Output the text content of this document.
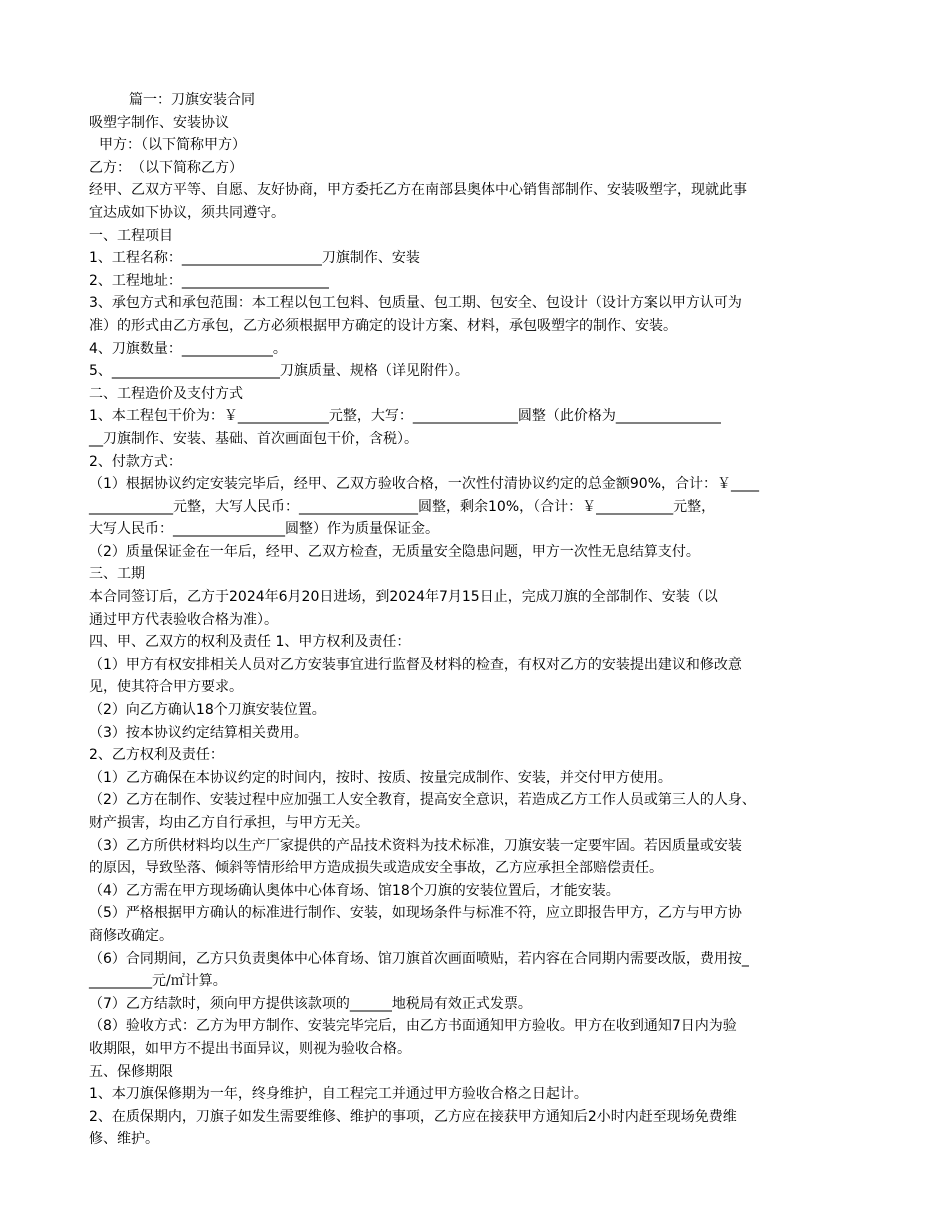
篇一：刀旗安装合同
吸塑字制作、安装协议
甲方：（以下简称甲方）
乙方：　（以下简称乙方）
经甲、乙双方平等、自愿、友好协商，甲方委托乙方在南部县奥体中心销售部制作、安装吸塑字，现就此事
宜达成如下协议，须共同遵守。
一、工程项目
1、工程名称：____________________刀旗制作、安装
2、工程地址：_____________________
3、承包方式和承包范围：本工程以包工包料、包质量、包工期、包安全、包设计（设计方案以甲方认可为
准）的形式由乙方承包，乙方必须根据甲方确定的设计方案、材料，承包吸塑字的制作、安装。
4、刀旗数量：_____________。
5、________________________刀旗质量、规格（详见附件）。
二、工程造价及支付方式
1、本工程包干价为：￥_____________元整，大写：_______________圆整（此价格为_______________
__刀旗制作、安装、基础、首次画面包干价，含税）。
2、付款方式：
（1）根据协议约定安装完毕后，经甲、乙双方验收合格，一次性付清协议约定的总金额90%，合计：￥____
____________元整，大写人民币：_________________圆整，剩余10%，（合计：￥___________元整，
大写人民币：________________圆整）作为质量保证金。
（2）质量保证金在一年后，经甲、乙双方检查，无质量安全隐患问题，甲方一次性无息结算支付。
三、工期
本合同签订后，乙方于2024年6月20日进场，到2024年7月15日止，完成刀旗的全部制作、安装（以
通过甲方代表验收合格为准）。
四、甲、乙双方的权利及责任 1、甲方权利及责任：
（1）甲方有权安排相关人员对乙方安装事宜进行监督及材料的检查，有权对乙方的安装提出建议和修改意
见，使其符合甲方要求。
（2）向乙方确认18个刀旗安装位置。
（3）按本协议约定结算相关费用。
2、乙方权利及责任：
（1）乙方确保在本协议约定的时间内，按时、按质、按量完成制作、安装，并交付甲方使用。
（2）乙方在制作、安装过程中应加强工人安全教育，提高安全意识，若造成乙方工作人员或第三人的人身、
财产损害，均由乙方自行承担，与甲方无关。
（3）乙方所供材料均以生产厂家提供的产品技术资料为技术标准，刀旗安装一定要牢固。若因质量或安装
的原因，导致坠落、倾斜等情形给甲方造成损失或造成安全事故，乙方应承担全部赔偿责任。
（4）乙方需在甲方现场确认奥体中心体育场、馆18个刀旗的安装位置后，才能安装。
（5）严格根据甲方确认的标准进行制作、安装，如现场条件与标准不符，应立即报告甲方，乙方与甲方协
商修改确定。
（6）合同期间，乙方只负责奥体中心体育场、馆刀旗首次画面喷贴，若内容在合同期内需要改版，费用按_
_________元/㎡计算。
（7）乙方结款时，须向甲方提供该款项的______地税局有效正式发票。
（8）验收方式：乙方为甲方制作、安装完毕完后，由乙方书面通知甲方验收。甲方在收到通知7日内为验
收期限，如甲方不提出书面异议，则视为验收合格。
五、保修期限
1、本刀旗保修期为一年，终身维护，自工程完工并通过甲方验收合格之日起计。
2、在质保期内，刀旗子如发生需要维修、维护的事项，乙方应在接获甲方通知后2小时内赶至现场免费维
修、维护。
